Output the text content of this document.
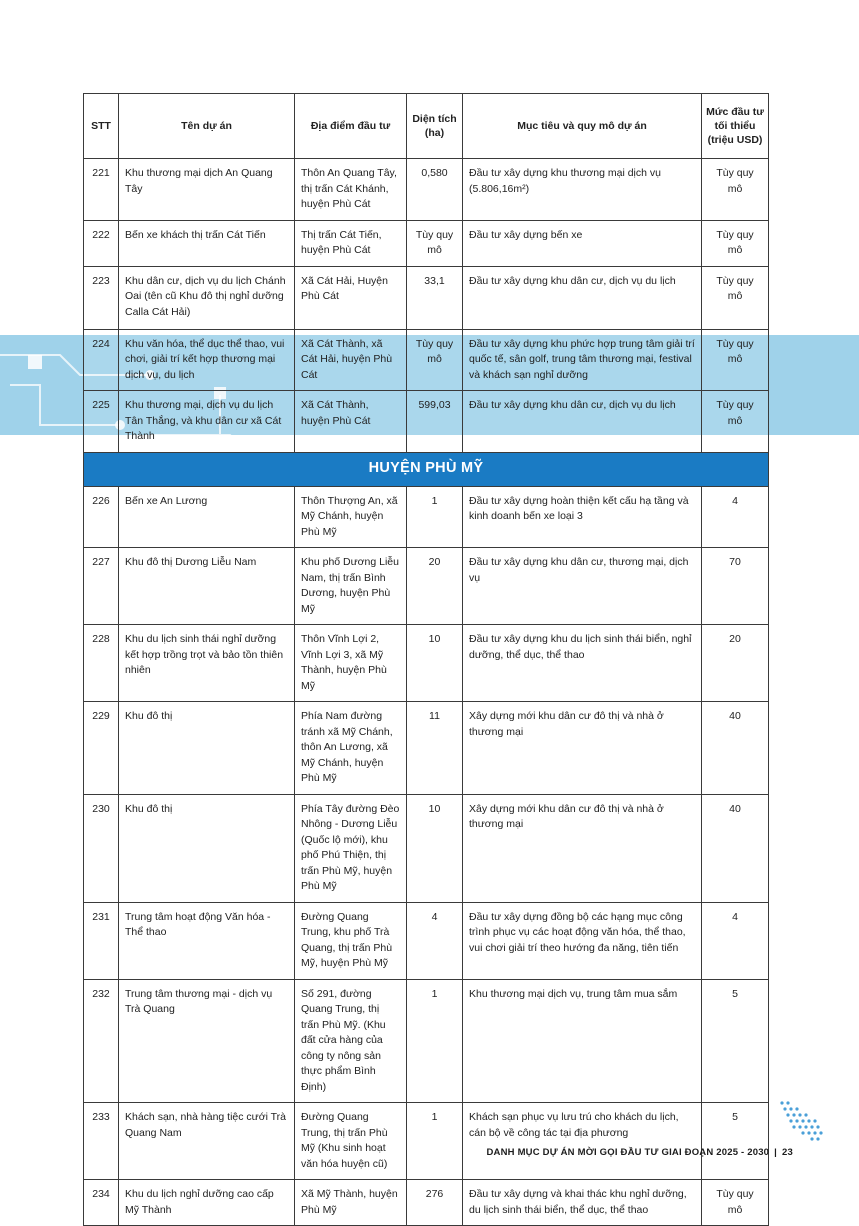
STT	Tên dự án	Địa điểm đầu tư	Diện tích (ha)	Mục tiêu và quy mô dự án	Mức đầu tư tối thiểu (triệu USD)
221	Khu thương mại dịch An Quang Tây	Thôn An Quang Tây, thị trấn Cát Khánh, huyện Phù Cát	0,580	Đầu tư xây dựng khu thương mại dịch vụ (5.806,16m²)	Tùy quy mô
222	Bến xe khách thị trấn Cát Tiến	Thị trấn Cát Tiến, huyện Phù Cát	Tùy quy mô	Đầu tư xây dựng bến xe	Tùy quy mô
223	Khu dân cư, dịch vụ du lịch Chánh Oai (tên cũ Khu đô thị nghỉ dưỡng Calla Cát Hải)	Xã Cát Hải, Huyện Phù Cát	33,1	Đầu tư xây dựng khu dân cư, dịch vụ du lịch	Tùy quy mô
224	Khu văn hóa, thể dục thể thao, vui chơi, giải trí kết hợp thương mại dịch vụ, du lịch	Xã Cát Thành, xã Cát Hải, huyện Phù Cát	Tùy quy mô	Đầu tư xây dựng khu phức hợp trung tâm giải trí quốc tế, sân golf, trung tâm thương mại, festival và khách sạn nghỉ dưỡng	Tùy quy mô
225	Khu thương mại, dịch vụ du lịch Tân Thắng, và khu dân cư xã Cát Thành	Xã Cát Thành, huyện Phù Cát	599,03	Đầu tư xây dựng khu dân cư, dịch vụ du lịch	Tùy quy mô
HUYỆN PHÙ MỸ					
226	Bến xe An Lương	Thôn Thượng An, xã Mỹ Chánh, huyện Phù Mỹ	1	Đầu tư xây dựng hoàn thiện kết cấu hạ tầng và kinh doanh bến xe loại 3	4
227	Khu đô thị Dương Liễu Nam	Khu phố Dương Liễu Nam, thị trấn Bình Dương, huyện Phù Mỹ	20	Đầu tư xây dựng khu dân cư, thương mại, dịch vụ	70
228	Khu du lịch sinh thái nghỉ dưỡng kết hợp trồng trọt và bảo tồn thiên nhiên	Thôn Vĩnh Lợi 2, Vĩnh Lợi 3, xã Mỹ Thành, huyện Phù Mỹ	10	Đầu tư xây dựng khu du lịch sinh thái biển, nghỉ dưỡng, thể dục, thể thao	20
229	Khu đô thị	Phía Nam đường tránh xã Mỹ Chánh, thôn An Lương, xã Mỹ Chánh, huyện Phù Mỹ	11	Xây dựng mới khu dân cư đô thị và nhà ở thương mại	40
230	Khu đô thị	Phía Tây đường Đèo Nhông - Dương Liễu (Quốc lộ mới), khu phố Phú Thiện, thị trấn Phù Mỹ, huyện Phù Mỹ	10	Xây dựng mới khu dân cư đô thị và nhà ở thương mại	40
231	Trung tâm hoạt động Văn hóa - Thể thao	Đường Quang Trung, khu phố Trà Quang, thị trấn Phù Mỹ, huyện Phù Mỹ	4	Đầu tư xây dựng đồng bộ các hạng mục công trình phục vụ các hoạt động văn hóa, thể thao, vui chơi giải trí theo hướng đa năng, tiên tiến	4
232	Trung tâm thương mại - dịch vụ Trà Quang	Số 291, đường Quang Trung, thị trấn Phù Mỹ. (Khu đất cửa hàng của công ty nông sản thực phẩm Bình Định)	1	Khu thương mại dịch vụ, trung tâm mua sắm	5
233	Khách sạn, nhà hàng tiệc cưới Trà Quang Nam	Đường Quang Trung, thị trấn Phù Mỹ (Khu sinh hoạt văn hóa huyện cũ)	1	Khách sạn phục vụ lưu trú cho khách du lịch, cán bộ về công tác tại địa phương	5
234	Khu du lịch nghỉ dưỡng cao cấp Mỹ Thành	Xã Mỹ Thành, huyện Phù Mỹ	276	Đầu tư xây dựng và khai thác khu nghỉ dưỡng, du lịch sinh thái biển, thể dục, thể thao	Tùy quy mô
DANH MỤC DỰ ÁN MỜI GỌI ĐẦU TƯ GIAI ĐOẠN 2025 - 2030 | 23
